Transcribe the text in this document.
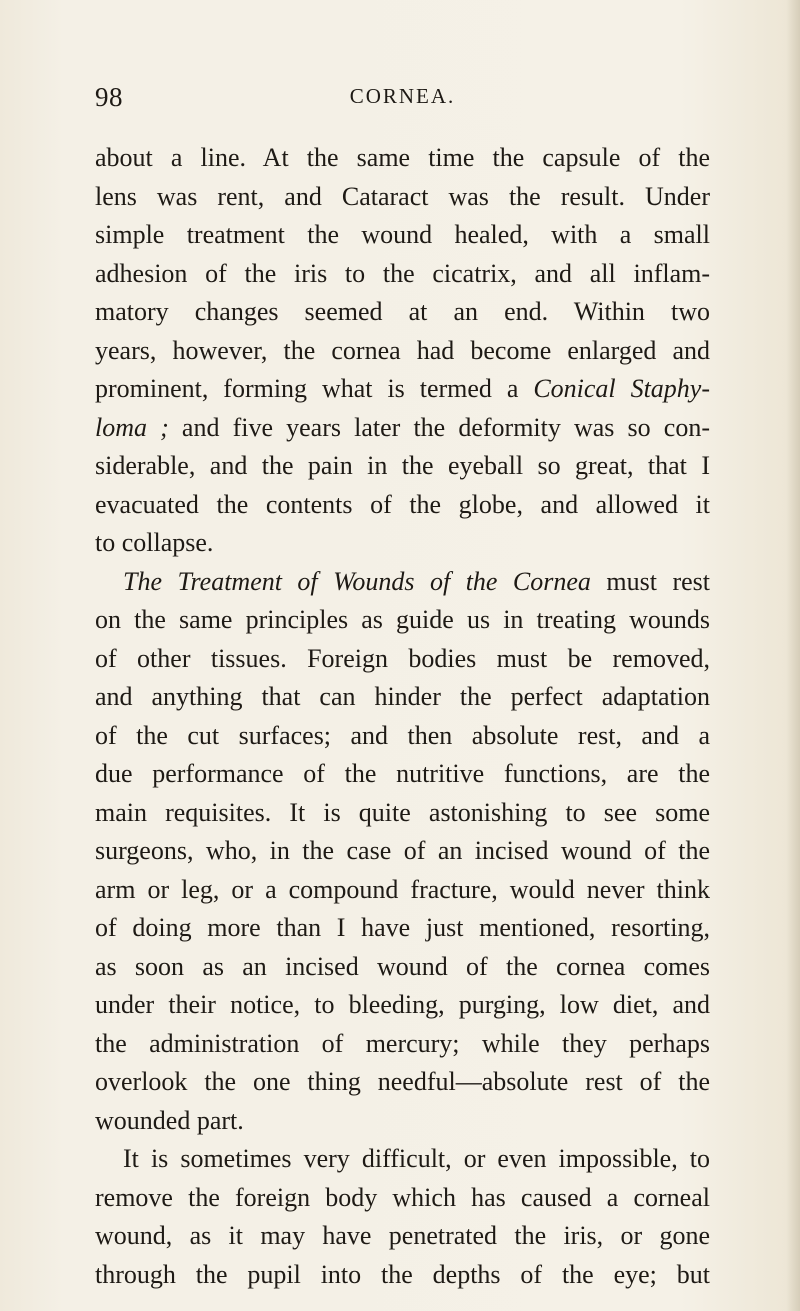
98	CORNEA.
about a line. At the same time the capsule of the
lens was rent, and Cataract was the result. Under
simple treatment the wound healed, with a small
adhesion of the iris to the cicatrix, and all inflam-
matory changes seemed at an end. Within two
years, however, the cornea had become enlarged and
prominent, forming what is termed a Conical Staphy-
loma ; and five years later the deformity was so con-
siderable, and the pain in the eyeball so great, that I
evacuated the contents of the globe, and allowed it
to collapse.
The Treatment of Wounds of the Cornea must rest
on the same principles as guide us in treating wounds
of other tissues. Foreign bodies must be removed,
and anything that can hinder the perfect adaptation
of the cut surfaces; and then absolute rest, and a
due performance of the nutritive functions, are the
main requisites. It is quite astonishing to see some
surgeons, who, in the case of an incised wound of the
arm or leg, or a compound fracture, would never think
of doing more than I have just mentioned, resorting,
as soon as an incised wound of the cornea comes
under their notice, to bleeding, purging, low diet, and
the administration of mercury; while they perhaps
overlook the one thing needful—absolute rest of the
wounded part.
It is sometimes very difficult, or even impossible, to
remove the foreign body which has caused a corneal
wound, as it may have penetrated the iris, or gone
through the pupil into the depths of the eye; but
